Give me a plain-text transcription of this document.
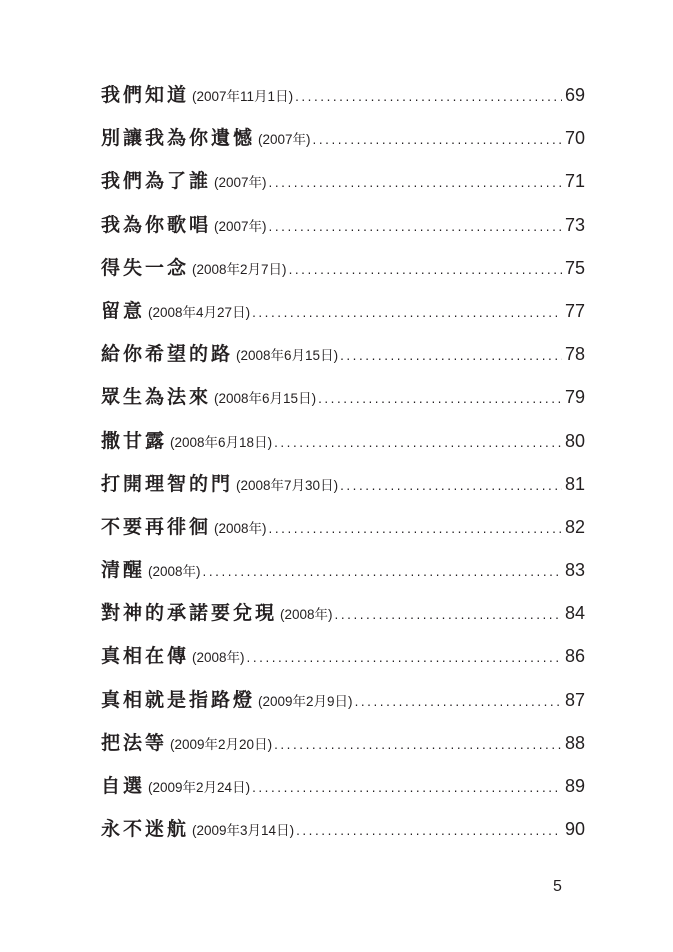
我們知道 (2007年11月1日) . . .	69
別讓我為你遺憾 (2007年) . . .	70
我們為了誰 (2007年) . . .	71
我為你歌唱 (2007年) . . .	73
得失一念 (2008年2月7日) . . .	75
留意 (2008年4月27日) . . .	77
給你希望的路 (2008年6月15日) . . .	78
眾生為法來 (2008年6月15日) . . .	79
撒甘露 (2008年6月18日) . . .	80
打開理智的門 (2008年7月30日) . . .	81
不要再徘徊 (2008年) . . .	82
清醒 (2008年) . . .	83
對神的承諾要兌現 (2008年) . . .	84
真相在傳 (2008年) . . .	86
真相就是指路燈 (2009年2月9日) . . .	87
把法等 (2009年2月20日) . . .	88
自選 (2009年2月24日) . . .	89
永不迷航 (2009年3月14日) . . .	90
5
